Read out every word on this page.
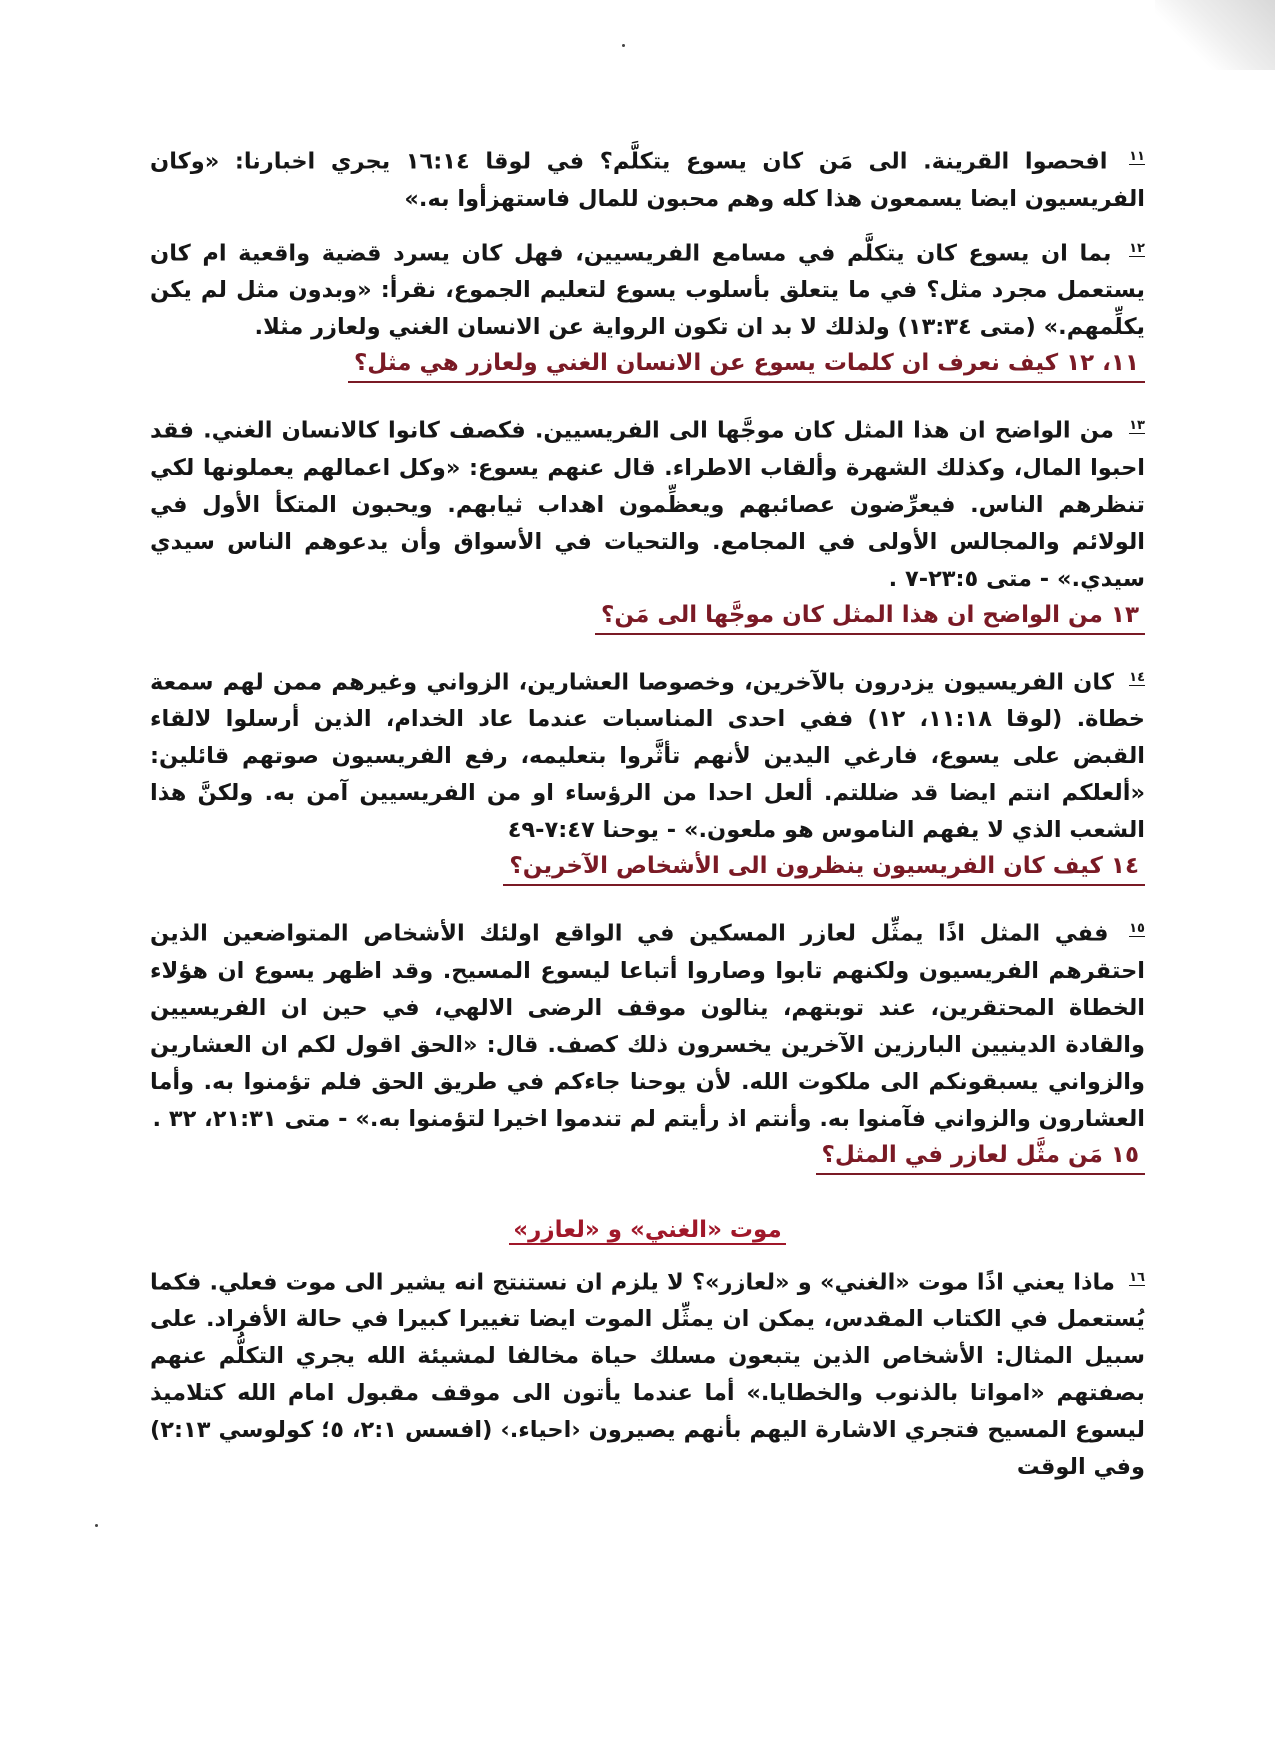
$^{١١}$ افحصوا القرينة. الى مَن كان يسوع يتكلَّم؟ في لوقا ١٦:١٤ يجري اخبارنا: «وكان الفريسيون ايضا يسمعون هذا كله وهم محبون للمال فاستهزأوا به.»

$^{١٢}$ بما ان يسوع كان يتكلَّم في مسامع الفريسيين، فهل كان يسرد قضية واقعية ام كان يستعمل مجرد مثل؟ في ما يتعلق بأسلوب يسوع لتعليم الجموع، نقرأ: «وبدون مثل لم يكن يكلِّمهم.» (متى ١٣:٣٤) ولذلك لا بد ان تكون الرواية عن الانسان الغني ولعازر مثلا.

١١، ١٢ كيف نعرف ان كلمات يسوع عن الانسان الغني ولعازر هي مثل؟

$^{١٣}$ من الواضح ان هذا المثل كان موجَّها الى الفريسيين. فكصف كانوا كالانسان الغني. فقد احبوا المال، وكذلك الشهرة وألقاب الاطراء. قال عنهم يسوع: «وكل اعمالهم يعملونها لكي تنظرهم الناس. فيعرِّضون عصائبهم ويعظِّمون اهداب ثيابهم. ويحبون المتكأ الأول في الولائم والمجالس الأولى في المجامع. والتحيات في الأسواق وأن يدعوهم الناس سيدي سيدي.» - متى ٢٣:٥-٧ .

١٣ من الواضح ان هذا المثل كان موجَّها الى مَن؟

$^{١٤}$ كان الفريسيون يزدرون بالآخرين، وخصوصا العشارين، الزواني وغيرهم ممن لهم سمعة خطاة. (لوقا ١١:١٨، ١٢) ففي احدى المناسبات عندما عاد الخدام، الذين أرسلوا لالقاء القبض على يسوع، فارغي اليدين لأنهم تأثَّروا بتعليمه، رفع الفريسيون صوتهم قائلين: «ألعلكم انتم ايضا قد ضللتم. ألعل احدا من الرؤساء او من الفريسيين آمن به. ولكنَّ هذا الشعب الذي لا يفهم الناموس هو ملعون.» - يوحنا ٧:٤٧-٤٩

١٤ كيف كان الفريسيون ينظرون الى الأشخاص الآخرين؟

$^{١٥}$ ففي المثل اذًا يمثِّل لعازر المسكين في الواقع اولئك الأشخاص المتواضعين الذين احتقرهم الفريسيون ولكنهم تابوا وصاروا أتباعا ليسوع المسيح. وقد اظهر يسوع ان هؤلاء الخطاة المحتقرين، عند توبتهم، ينالون موقف الرضى الالهي، في حين ان الفريسيين والقادة الدينيين البارزين الآخرين يخسرون ذلك كصف. قال: «الحق اقول لكم ان العشارين والزواني يسبقونكم الى ملكوت الله. لأن يوحنا جاءكم في طريق الحق فلم تؤمنوا به. وأما العشارون والزواني فآمنوا به. وأنتم اذ رأيتم لم تندموا اخيرا لتؤمنوا به.» - متى ٢١:٣١، ٣٢ .

١٥ مَن مثَّل لعازر في المثل؟

موت «الغني» و «لعازر»

$^{١٦}$ ماذا يعني اذًا موت «الغني» و «لعازر»؟ لا يلزم ان نستنتج انه يشير الى موت فعلي. فكما يُستعمل في الكتاب المقدس، يمكن ان يمثِّل الموت ايضا تغييرا كبيرا في حالة الأفراد. على سبيل المثال: الأشخاص الذين يتبعون مسلك حياة مخالفا لمشيئة الله يجري التكلُّم عنهم بصفتهم «امواتا بالذنوب والخطايا.» أما عندما يأتون الى موقف مقبول امام الله كتلاميذ ليسوع المسيح فتجري الاشارة اليهم بأنهم يصيرون ‹احياء.› (افسس ٢:١، ٥؛ كولوسي ٢:١٣) وفي الوقت
